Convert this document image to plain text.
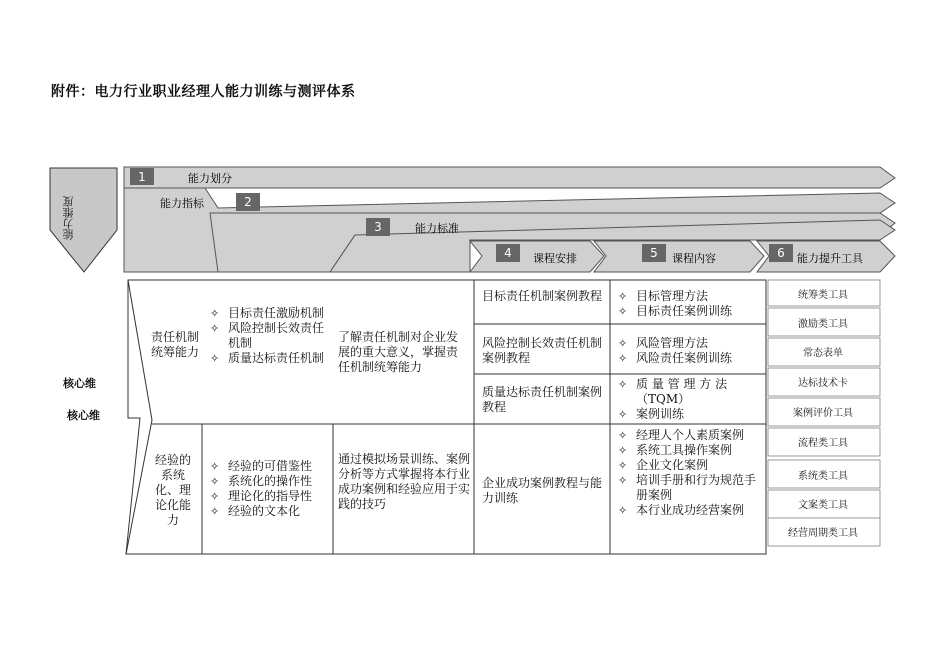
附件：电力行业职业经理人能力训练与测评体系
1
2
3
4	5	6
能力划分
能力指标
能力标准
课程安排	课程内容	能力提升工具
能力维度
核心维
核心维
责任机制统筹能力
✧ 目标责任激励机制
✧ 风险控制长效责任机制
✧ 质量达标责任机制
了解责任机制对企业发展的重大意义，掌握责任机制统筹能力
目标责任机制案例教程
✧	目标管理方法
✧ 目标责任案例训练
风险控制长效责任机制案例教程
✧ 风险管理方法
✧ 风险责任案例训练
质量达标责任机制案例教程
✧ 质 量 管 理 方 法（TQM）
✧ 案例训练
经验的系统化、理论化能力
✧ 经验的可借鉴性
✧ 系统化的操作性
✧ 理论化的指导性
✧ 经验的文本化
通过模拟场景训练、案例分析等方式掌握将本行业成功案例和经验应用于实践的技巧
企业成功案例教程与能力训练
✧ 经理人个人素质案例
✧ 系统工具操作案例
✧ 企业文化案例
✧ 培训手册和行为规范手册案例
✧ 本行业成功经营案例
统筹类工具
激励类工具
常态表单
达标技术卡
案例评价工具
流程类工具
系统类工具
文案类工具
经营周期类工具
